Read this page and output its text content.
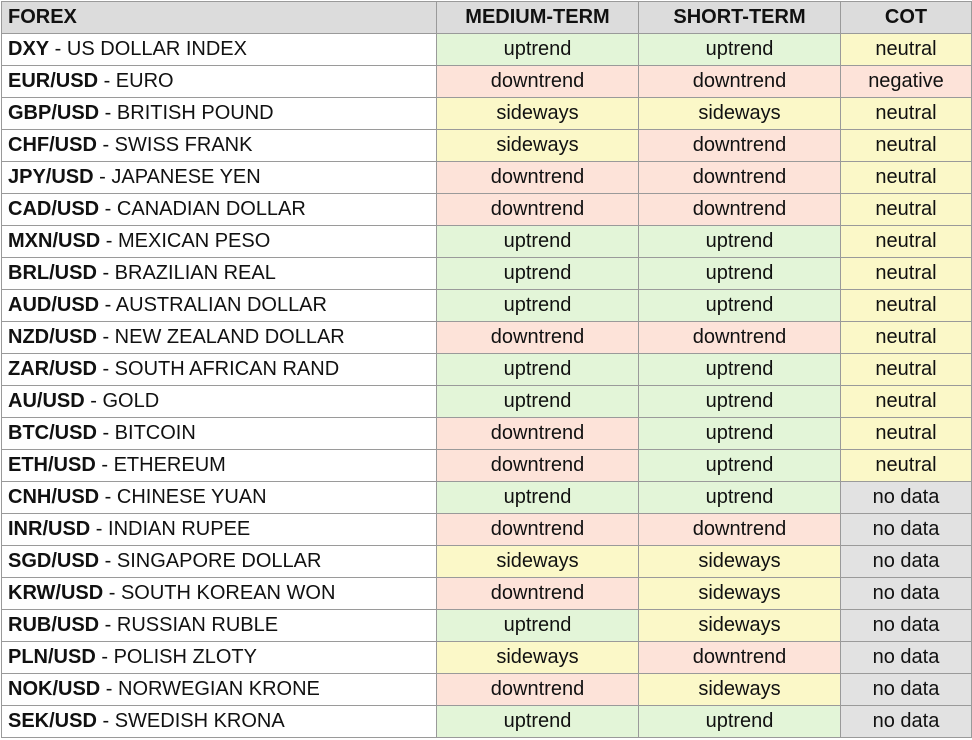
FOREX	MEDIUM-TERM	SHORT-TERM	COT
DXY - US DOLLAR INDEX	uptrend	uptrend	neutral
EUR/USD - EURO	downtrend	downtrend	negative
GBP/USD - BRITISH POUND	sideways	sideways	neutral
CHF/USD - SWISS FRANK	sideways	downtrend	neutral
JPY/USD - JAPANESE YEN	downtrend	downtrend	neutral
CAD/USD - CANADIAN DOLLAR	downtrend	downtrend	neutral
MXN/USD - MEXICAN PESO	uptrend	uptrend	neutral
BRL/USD - BRAZILIAN REAL	uptrend	uptrend	neutral
AUD/USD - AUSTRALIAN DOLLAR	uptrend	uptrend	neutral
NZD/USD - NEW ZEALAND DOLLAR	downtrend	downtrend	neutral
ZAR/USD - SOUTH AFRICAN RAND	uptrend	uptrend	neutral
AU/USD - GOLD	uptrend	uptrend	neutral
BTC/USD - BITCOIN	downtrend	uptrend	neutral
ETH/USD - ETHEREUM	downtrend	uptrend	neutral
CNH/USD - CHINESE YUAN	uptrend	uptrend	no data
INR/USD - INDIAN RUPEE	downtrend	downtrend	no data
SGD/USD - SINGAPORE DOLLAR	sideways	sideways	no data
KRW/USD - SOUTH KOREAN WON	downtrend	sideways	no data
RUB/USD - RUSSIAN RUBLE	uptrend	sideways	no data
PLN/USD - POLISH ZLOTY	sideways	downtrend	no data
NOK/USD - NORWEGIAN KRONE	downtrend	sideways	no data
SEK/USD - SWEDISH KRONA	uptrend	uptrend	no data
